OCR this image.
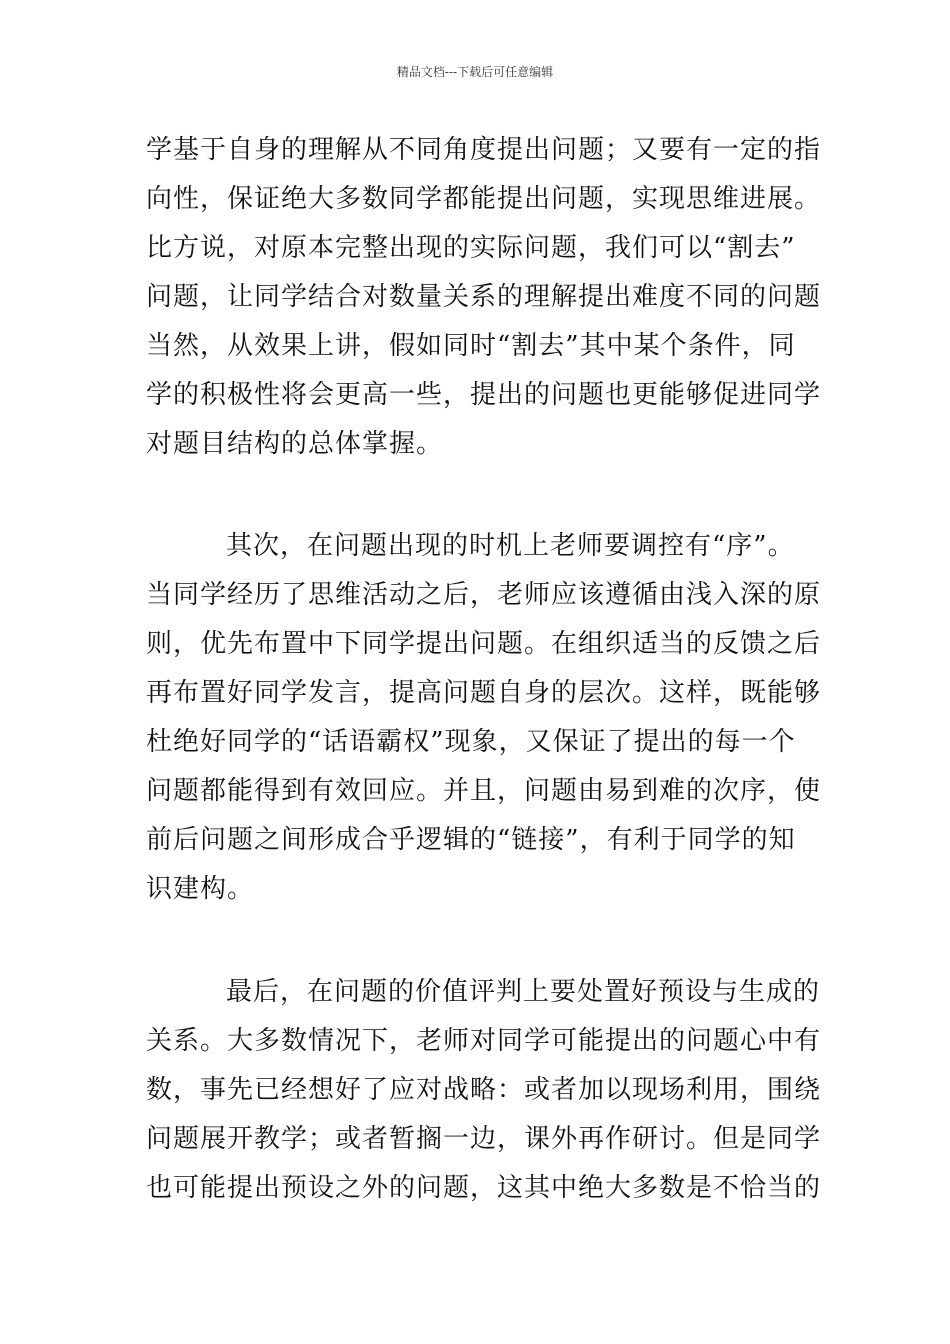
精品文档---下载后可任意编辑
学基于自身的理解从不同角度提出问题；又要有一定的指
向性，保证绝大多数同学都能提出问题，实现思维进展。
比方说，对原本完整出现的实际问题，我们可以“割去”
问题，让同学结合对数量关系的理解提出难度不同的问题
当然，从效果上讲，假如同时“割去”其中某个条件，同
学的积极性将会更高一些，提出的问题也更能够促进同学
对题目结构的总体掌握。
其次，在问题出现的时机上老师要调控有“序”。
当同学经历了思维活动之后，老师应该遵循由浅入深的原
则，优先布置中下同学提出问题。在组织适当的反馈之后
再布置好同学发言，提高问题自身的层次。这样，既能够
杜绝好同学的“话语霸权”现象，又保证了提出的每一个
问题都能得到有效回应。并且，问题由易到难的次序，使
前后问题之间形成合乎逻辑的“链接”，有利于同学的知
识建构。
最后，在问题的价值评判上要处置好预设与生成的
关系。大多数情况下，老师对同学可能提出的问题心中有
数，事先已经想好了应对战略：或者加以现场利用，围绕
问题展开教学；或者暂搁一边，课外再作研讨。但是同学
也可能提出预设之外的问题，这其中绝大多数是不恰当的
